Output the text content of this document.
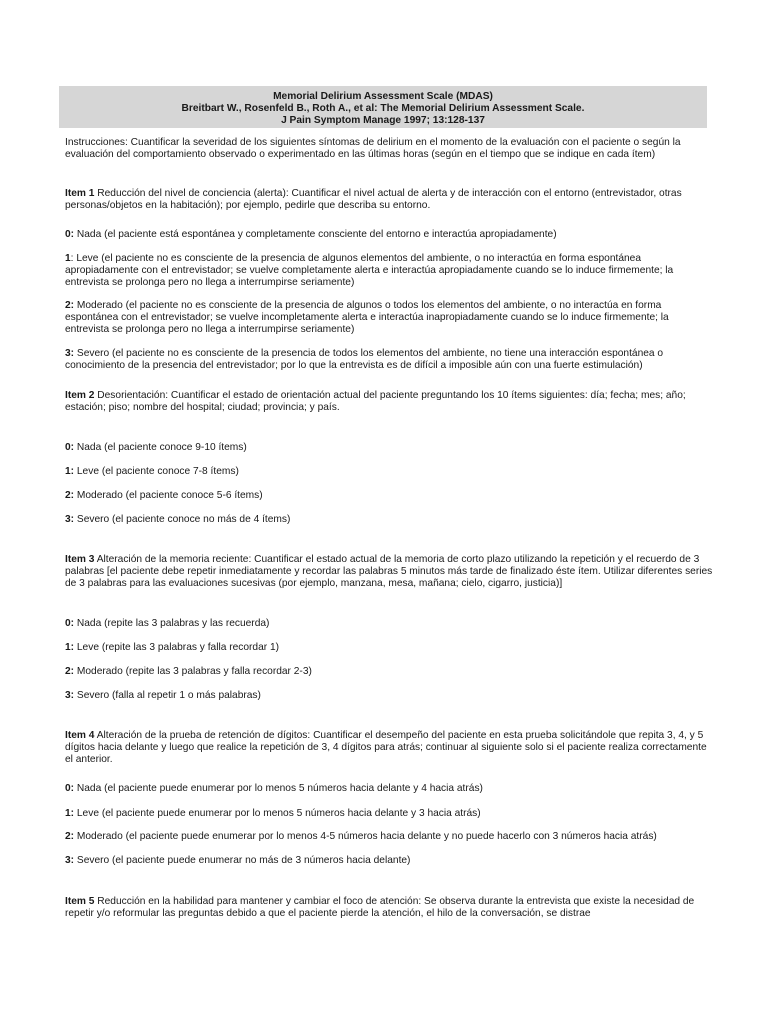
Memorial Delirium Assessment Scale (MDAS)
Breitbart W., Rosenfeld B., Roth A., et al: The Memorial Delirium Assessment Scale.
J Pain Symptom Manage 1997; 13:128-137

Instrucciones: Cuantificar la severidad de los siguientes síntomas de delirium en el momento de la evaluación con el paciente o según la evaluación del comportamiento observado o experimentado en las últimas horas (según en el tiempo que se indique en cada ítem)

Item 1 Reducción del nivel de conciencia (alerta): Cuantificar el nivel actual de alerta y de interacción con el entorno (entrevistador, otras personas/objetos en la habitación); por ejemplo, pedirle que describa su entorno.

0: Nada (el paciente está espontánea y completamente consciente del entorno e interactúa apropiadamente)

1: Leve (el paciente no es consciente de la presencia de algunos elementos del ambiente, o no interactúa en forma espontánea apropiadamente con el entrevistador; se vuelve completamente alerta e interactúa apropiadamente cuando se lo induce firmemente; la entrevista se prolonga pero no llega a interrumpirse seriamente)

2: Moderado (el paciente no es consciente de la presencia de algunos o todos los elementos del ambiente, o no interactúa en forma espontánea con el entrevistador; se vuelve incompletamente alerta e interactúa inapropiadamente cuando se lo induce firmemente; la entrevista se prolonga pero no llega a interrumpirse seriamente)

3: Severo (el paciente no es consciente de la presencia de todos los elementos del ambiente, no tiene una interacción espontánea o conocimiento de la presencia del entrevistador; por lo que la entrevista es de difícil a imposible aún con una fuerte estimulación)

Item 2 Desorientación: Cuantificar el estado de orientación actual del paciente preguntando los 10 ítems siguientes: día; fecha; mes; año; estación; piso; nombre del hospital; ciudad; provincia; y país.

0: Nada (el paciente conoce 9-10 ítems)

1: Leve (el paciente conoce 7-8 ítems)

2: Moderado (el paciente conoce 5-6 ítems)

3: Severo (el paciente conoce no más de 4 ítems)

Item 3 Alteración de la memoria reciente: Cuantificar el estado actual de la memoria de corto plazo utilizando la repetición y el recuerdo de 3 palabras [el paciente debe repetir inmediatamente y recordar las palabras 5 minutos más tarde de finalizado éste ítem. Utilizar diferentes series de 3 palabras para las evaluaciones sucesivas (por ejemplo, manzana, mesa, mañana; cielo, cigarro, justicia)]

0: Nada (repite las 3 palabras y las recuerda)

1: Leve (repite las 3 palabras y falla recordar 1)

2: Moderado (repite las 3 palabras y falla recordar 2-3)

3: Severo (falla al repetir 1 o más palabras)

Item 4 Alteración de la prueba de retención de dígitos: Cuantificar el desempeño del paciente en esta prueba solicitándole que repita 3, 4, y 5 dígitos hacia delante y luego que realice la repetición de 3, 4 dígitos para atrás; continuar al siguiente solo si el paciente realiza correctamente el anterior.

0: Nada (el paciente puede enumerar por lo menos 5 números hacia delante y 4 hacia atrás)

1: Leve (el paciente puede enumerar por lo menos 5 números hacia delante y 3 hacia atrás)

2: Moderado (el paciente puede enumerar por lo menos 4-5 números hacia delante y no puede hacerlo con 3 números hacia atrás)

3: Severo (el paciente puede enumerar no más de 3 números hacia delante)

Item 5 Reducción en la habilidad para mantener y cambiar el foco de atención: Se observa durante la entrevista que existe la necesidad de repetir y/o reformular las preguntas debido a que el paciente pierde la atención, el hilo de la conversación, se distrae
